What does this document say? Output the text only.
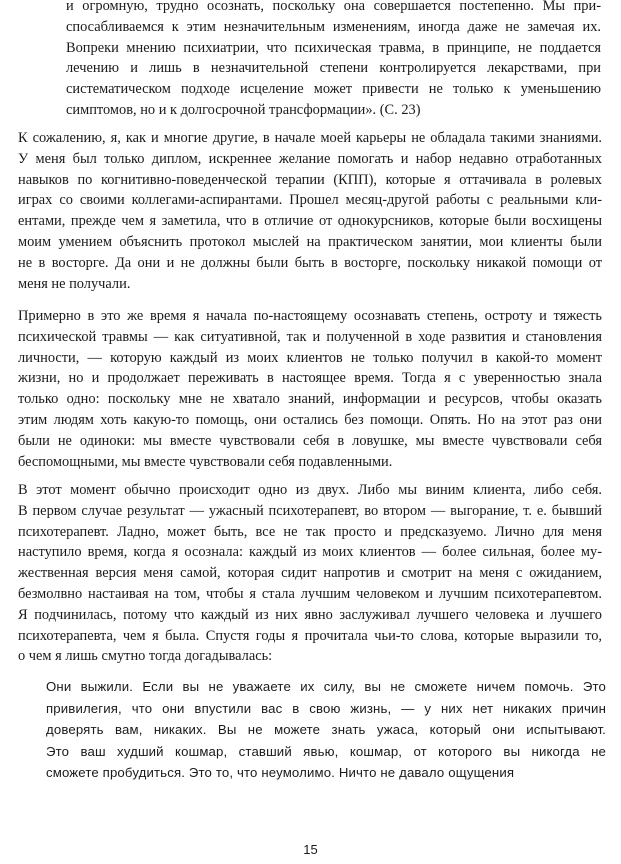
и огромную, трудно осознать, поскольку она совершается постепенно. Мы при-
спосабливаемся к этим незначительным изменениям, иногда даже не замечая их.
Вопреки мнению психиатрии, что психическая травма, в принципе, не поддается
лечению и лишь в незначительной степени контролируется лекарствами, при
систематическом подходе исцеление может привести не только к уменьшению
симптомов, но и к долгосрочной трансформации». (С. 23)
К сожалению, я, как и многие другие, в начале моей карьеры не обладала такими знаниями.
У меня был только диплом, искреннее желание помогать и набор недавно отработанных
навыков по когнитивно-поведенческой терапии (КПП), которые я оттачивала в ролевых
играх со своими коллегами-аспирантами. Прошел месяц-другой работы с реальными кли-
ентами, прежде чем я заметила, что в отличие от однокурсников, которые были восхищены
моим умением объяснить протокол мыслей на практическом занятии, мои клиенты были
не в восторге. Да они и не должны были быть в восторге, поскольку никакой помощи от
меня не получали.
Примерно в это же время я начала по-настоящему осознавать степень, остроту и тяжесть
психической травмы — как ситуативной, так и полученной в ходе развития и становления
личности, — которую каждый из моих клиентов не только получил в какой-то момент
жизни, но и продолжает переживать в настоящее время. Тогда я с уверенностью знала
только одно: поскольку мне не хватало знаний, информации и ресурсов, чтобы оказать
этим людям хоть какую-то помощь, они остались без помощи. Опять. Но на этот раз они
были не одиноки: мы вместе чувствовали себя в ловушке, мы вместе чувствовали себя
беспомощными, мы вместе чувствовали себя подавленными.
В этот момент обычно происходит одно из двух. Либо мы виним клиента, либо себя.
В первом случае результат — ужасный психотерапевт, во втором — выгорание, т. е. бывший
психотерапевт. Ладно, может быть, все не так просто и предсказуемо. Лично для меня
наступило время, когда я осознала: каждый из моих клиентов — более сильная, более му-
жественная версия меня самой, которая сидит напротив и смотрит на меня с ожиданием,
безмолвно настаивая на том, чтобы я стала лучшим человеком и лучшим психотерапевтом.
Я подчинилась, потому что каждый из них явно заслуживал лучшего человека и лучшего
психотерапевта, чем я была. Спустя годы я прочитала чьи-то слова, которые выразили то,
о чем я лишь смутно тогда догадывалась:
Они выжили. Если вы не уважаете их силу, вы не сможете ничем помочь. Это
привилегия, что они впустили вас в свою жизнь, — у них нет никаких причин
доверять вам, никаких. Вы не можете знать ужаса, который они испытывают.
Это ваш худший кошмар, ставший явью, кошмар, от которого вы никогда не
сможете пробудиться. Это то, что неумолимо. Ничто не давало ощущения
15
